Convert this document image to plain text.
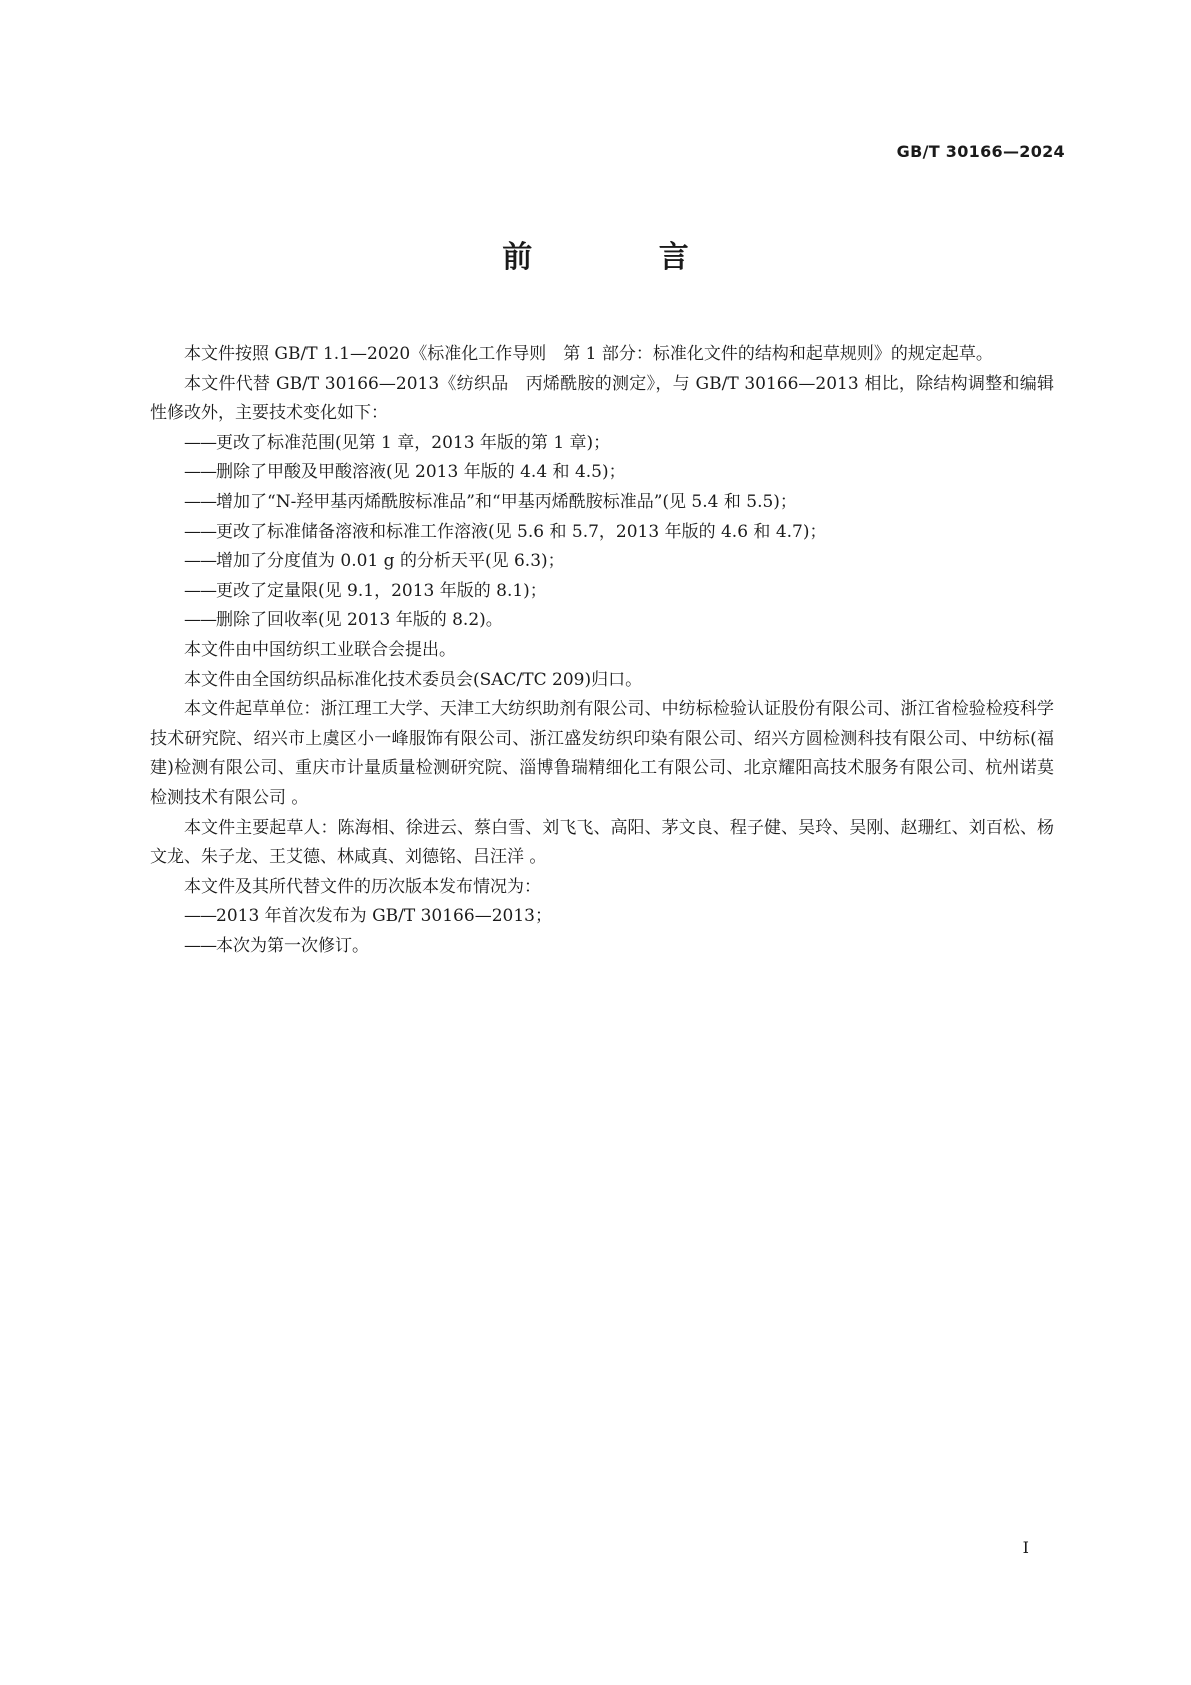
GB/T 30166—2024
前 言

本文件按照 GB/T 1.1—2020《标准化工作导则　第 1 部分：标准化文件的结构和起草规则》的规定起草。

本文件代替 GB/T 30166—2013《纺织品　丙烯酰胺的测定》，与 GB/T 30166—2013 相比，除结构调整和编辑性修改外，主要技术变化如下：

——更改了标准范围(见第 1 章，2013 年版的第 1 章)；

——删除了甲酸及甲酸溶液(见 2013 年版的 4.4 和 4.5)；

——增加了“N-羟甲基丙烯酰胺标准品”和“甲基丙烯酰胺标准品”(见 5.4 和 5.5)；

——更改了标准储备溶液和标准工作溶液(见 5.6 和 5.7，2013 年版的 4.6 和 4.7)；

——增加了分度值为 0.01 g 的分析天平(见 6.3)；

——更改了定量限(见 9.1，2013 年版的 8.1)；

——删除了回收率(见 2013 年版的 8.2)。

本文件由中国纺织工业联合会提出。

本文件由全国纺织品标准化技术委员会(SAC/TC 209)归口。

本文件起草单位：浙江理工大学、天津工大纺织助剂有限公司、中纺标检验认证股份有限公司、浙江省检验检疫科学技术研究院、绍兴市上虞区小一峰服饰有限公司、浙江盛发纺织印染有限公司、绍兴方圆检测科技有限公司、中纺标(福建)检测有限公司、重庆市计量质量检测研究院、淄博鲁瑞精细化工有限公司、北京耀阳高技术服务有限公司、杭州诺莫检测技术有限公司 。

本文件主要起草人：陈海相、徐进云、蔡白雪、刘飞飞、高阳、茅文良、程子健、吴玲、吴刚、赵珊红、刘百松、杨文龙、朱子龙、王艾德、林咸真、刘德铭、吕汪洋 。

本文件及其所代替文件的历次版本发布情况为：

——2013 年首次发布为 GB/T 30166—2013；

——本次为第一次修订。

I
